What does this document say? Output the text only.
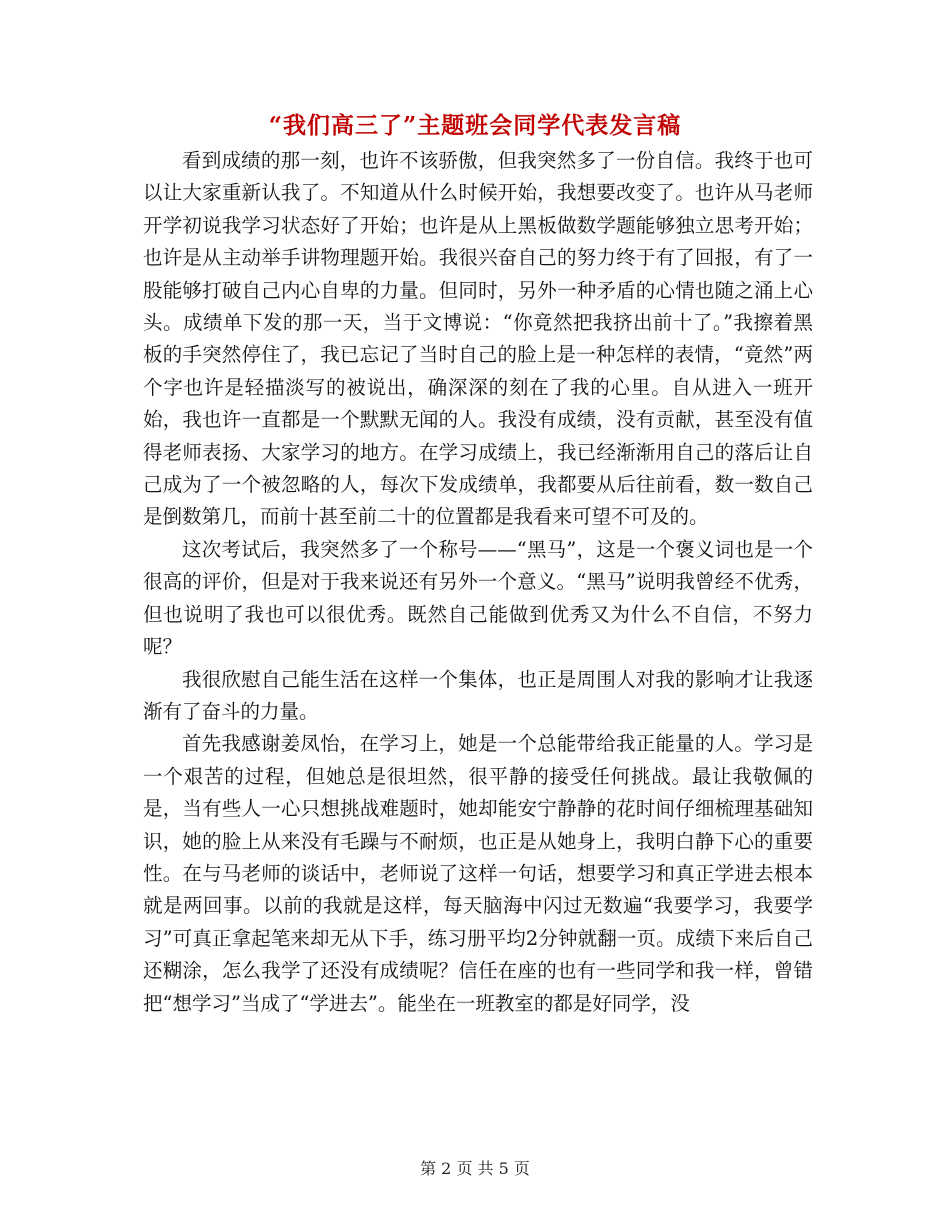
“我们高三了”主题班会同学代表发言稿

看到成绩的那一刻，也许不该骄傲，但我突然多了一份自信。我终于也可以让大家重新认我了。不知道从什么时候开始，我想要改变了。也许从马老师开学初说我学习状态好了开始；也许是从上黑板做数学题能够独立思考开始；也许是从主动举手讲物理题开始。我很兴奋自己的努力终于有了回报，有了一股能够打破自己内心自卑的力量。但同时，另外一种矛盾的心情也随之涌上心头。成绩单下发的那一天，当于文博说：“你竟然把我挤出前十了。”我擦着黑板的手突然停住了，我已忘记了当时自己的脸上是一种怎样的表情，“竟然”两个字也许是轻描淡写的被说出，确深深的刻在了我的心里。自从进入一班开始，我也许一直都是一个默默无闻的人。我没有成绩，没有贡献，甚至没有值得老师表扬、大家学习的地方。在学习成绩上，我已经渐渐用自己的落后让自己成为了一个被忽略的人，每次下发成绩单，我都要从后往前看，数一数自己是倒数第几，而前十甚至前二十的位置都是我看来可望不可及的。

这次考试后，我突然多了一个称号——“黑马”，这是一个褒义词也是一个很高的评价，但是对于我来说还有另外一个意义。“黑马”说明我曾经不优秀，但也说明了我也可以很优秀。既然自己能做到优秀又为什么不自信，不努力呢？

我很欣慰自己能生活在这样一个集体，也正是周围人对我的影响才让我逐渐有了奋斗的力量。

首先我感谢姜凤怡，在学习上，她是一个总能带给我正能量的人。学习是一个艰苦的过程，但她总是很坦然，很平静的接受任何挑战。最让我敬佩的是，当有些人一心只想挑战难题时，她却能安宁静静的花时间仔细梳理基础知识，她的脸上从来没有毛躁与不耐烦，也正是从她身上，我明白静下心的重要性。在与马老师的谈话中，老师说了这样一句话，想要学习和真正学进去根本就是两回事。以前的我就是这样，每天脑海中闪过无数遍“我要学习，我要学习”可真正拿起笔来却无从下手，练习册平均2分钟就翻一页。成绩下来后自己还糊涂，怎么我学了还没有成绩呢？信任在座的也有一些同学和我一样，曾错把“想学习”当成了“学进去”。能坐在一班教室的都是好同学，没

第 2 页 共 5 页
